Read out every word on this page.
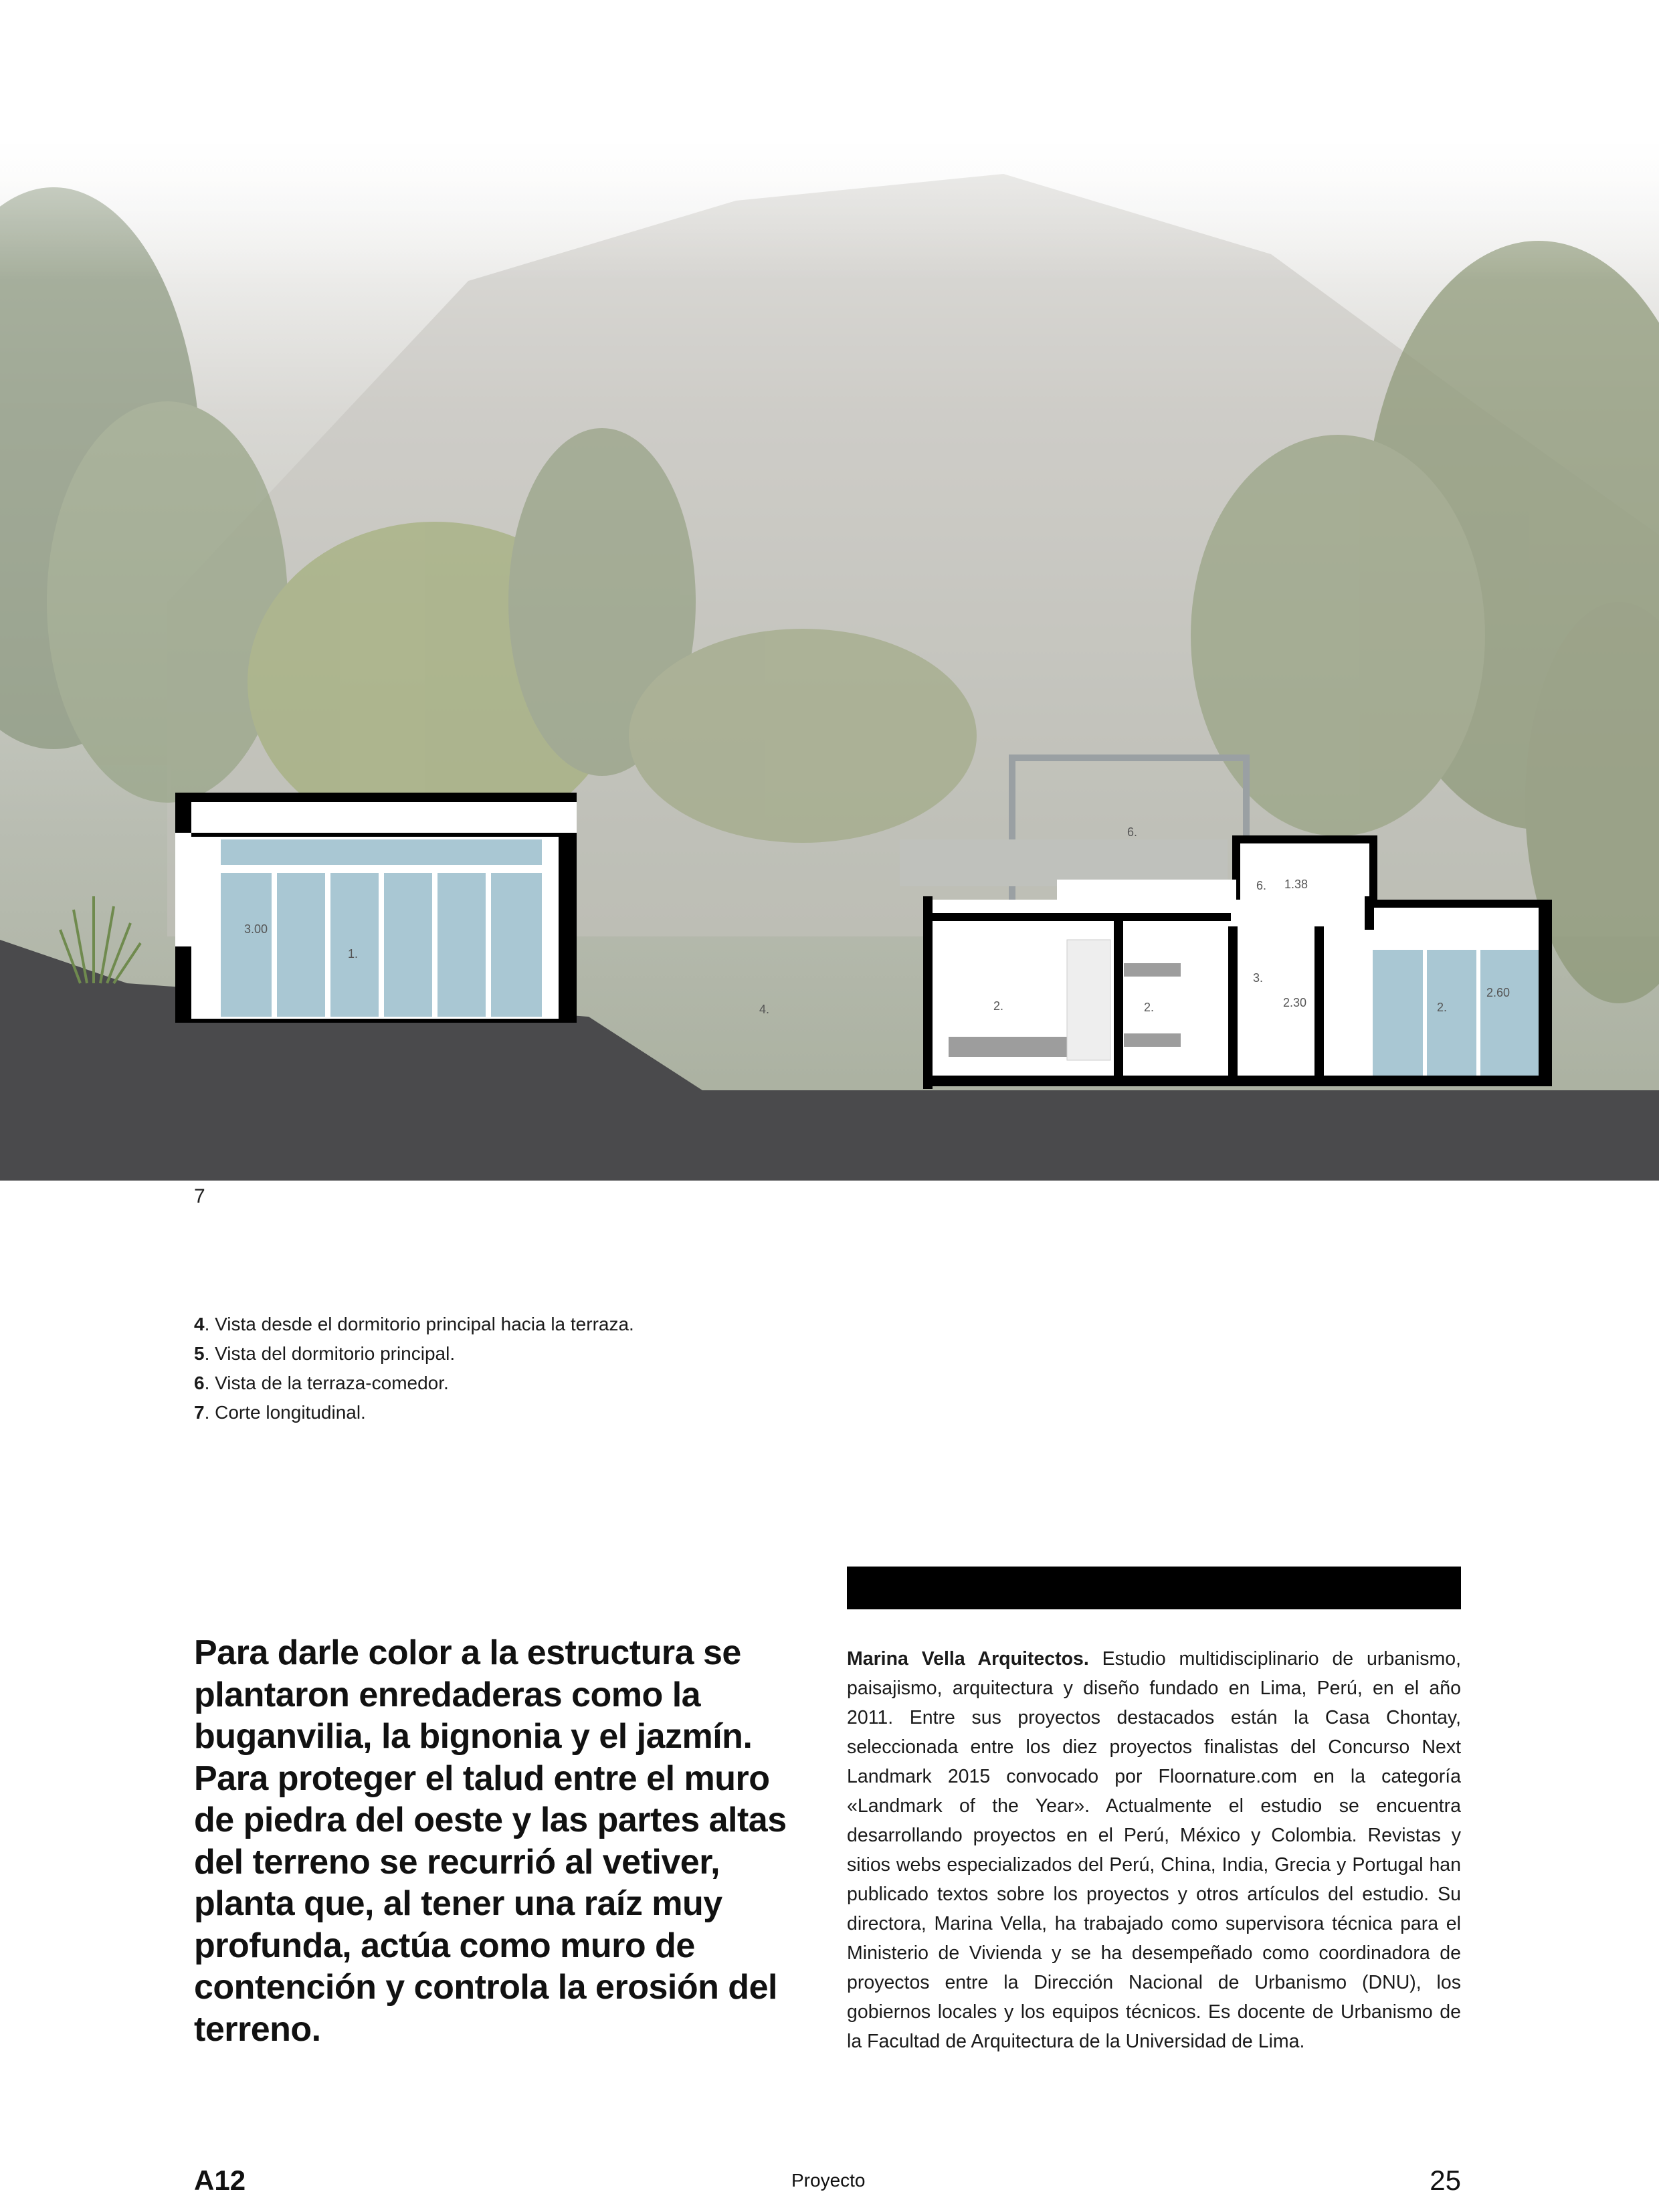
3.00
1.
4.	2.	2.
3.
2.30	2.
2.60
6. 1.38
6.
7

4. Vista desde el dormitorio principal hacia la terraza.

5. Vista del dormitorio principal.

6. Vista de la terraza-comedor.

7. Corte longitudinal.

Para darle color a la estructura se plantaron enredaderas como la buganvilia, la bignonia y el jazmín. Para proteger el talud entre el muro de piedra del oeste y las partes altas del terreno se recurrió al vetiver, planta que, al tener una raíz muy profunda, actúa como muro de contención y controla la erosión del terreno.
Marina Vella Arquitectos. Estudio multidisciplinario de urbanismo, paisajismo, arquitectura y diseño fundado en Lima, Perú, en el año 2011. Entre sus proyectos destacados están la Casa Chontay, seleccionada entre los diez proyectos finalistas del Concurso Next Landmark 2015 convocado por Floornature.com en la categoría «Landmark of the Year». Actualmente el estudio se encuentra desarrollando proyectos en el Perú, México y Colombia. Revistas y sitios webs especializados del Perú, China, India, Grecia y Portugal han publicado textos sobre los proyectos y otros artículos del estudio. Su directora, Marina Vella, ha trabajado como supervisora técnica para el Ministerio de Vivienda y se ha desempeñado como coordinadora de proyectos entre la Dirección Nacional de Urbanismo (DNU), los gobiernos locales y los equipos técnicos. Es docente de Urbanismo de la Facultad de Arquitectura de la Universidad de Lima.
A12	Proyecto	25
